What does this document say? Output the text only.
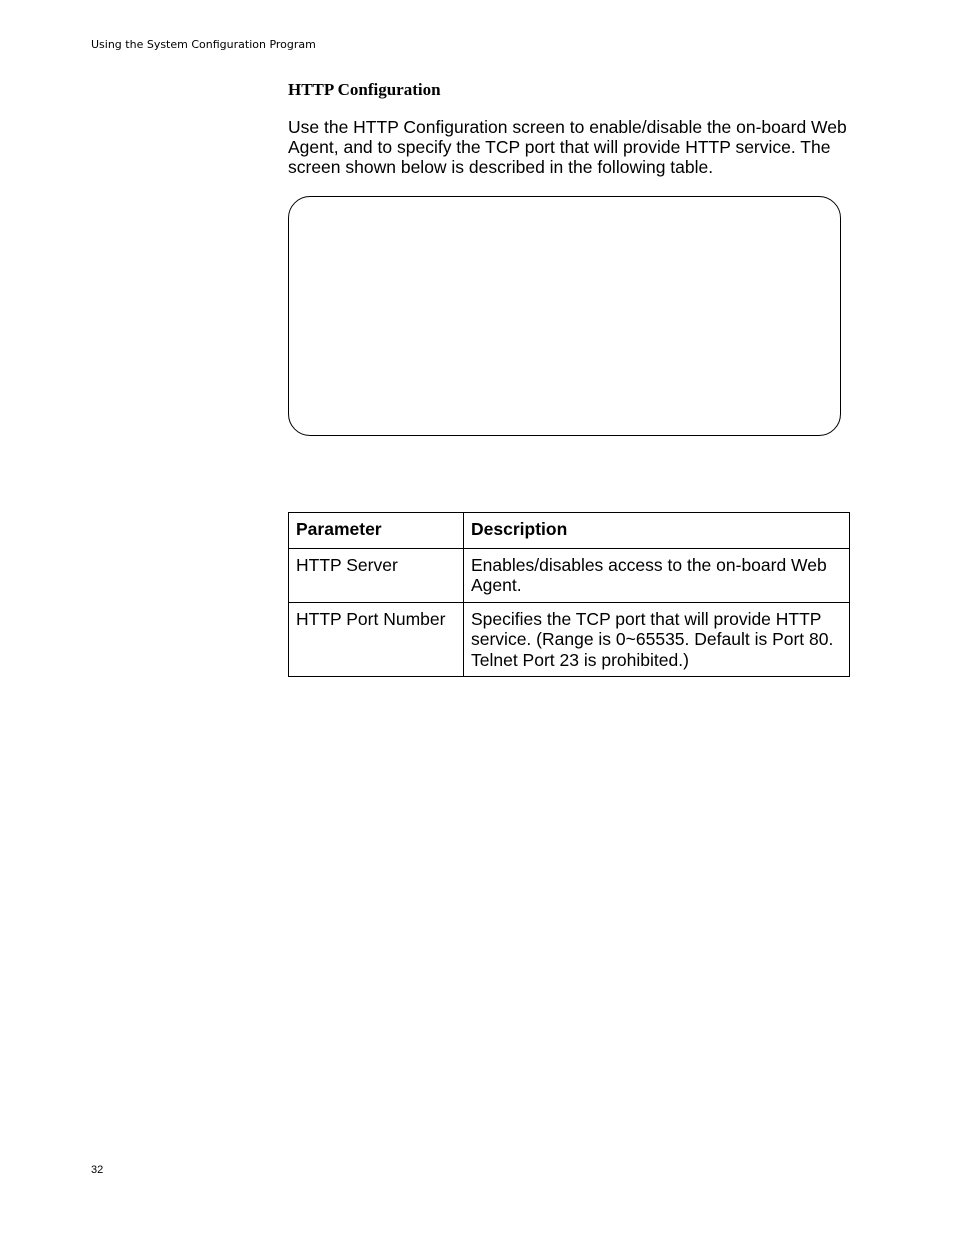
Using the System Configuration Program
HTTP Configuration

Use the HTTP Configuration screen to enable/disable the on-board Web Agent, and to specify the TCP port that will provide HTTP service. The screen shown below is described in the following table.

Parameter	Description
HTTP Server	Enables/disables access to the on-board Web Agent.
HTTP Port Number	Specifies the TCP port that will provide HTTP service. (Range is 0~65535. Default is Port 80. Telnet Port 23 is prohibited.)
32
